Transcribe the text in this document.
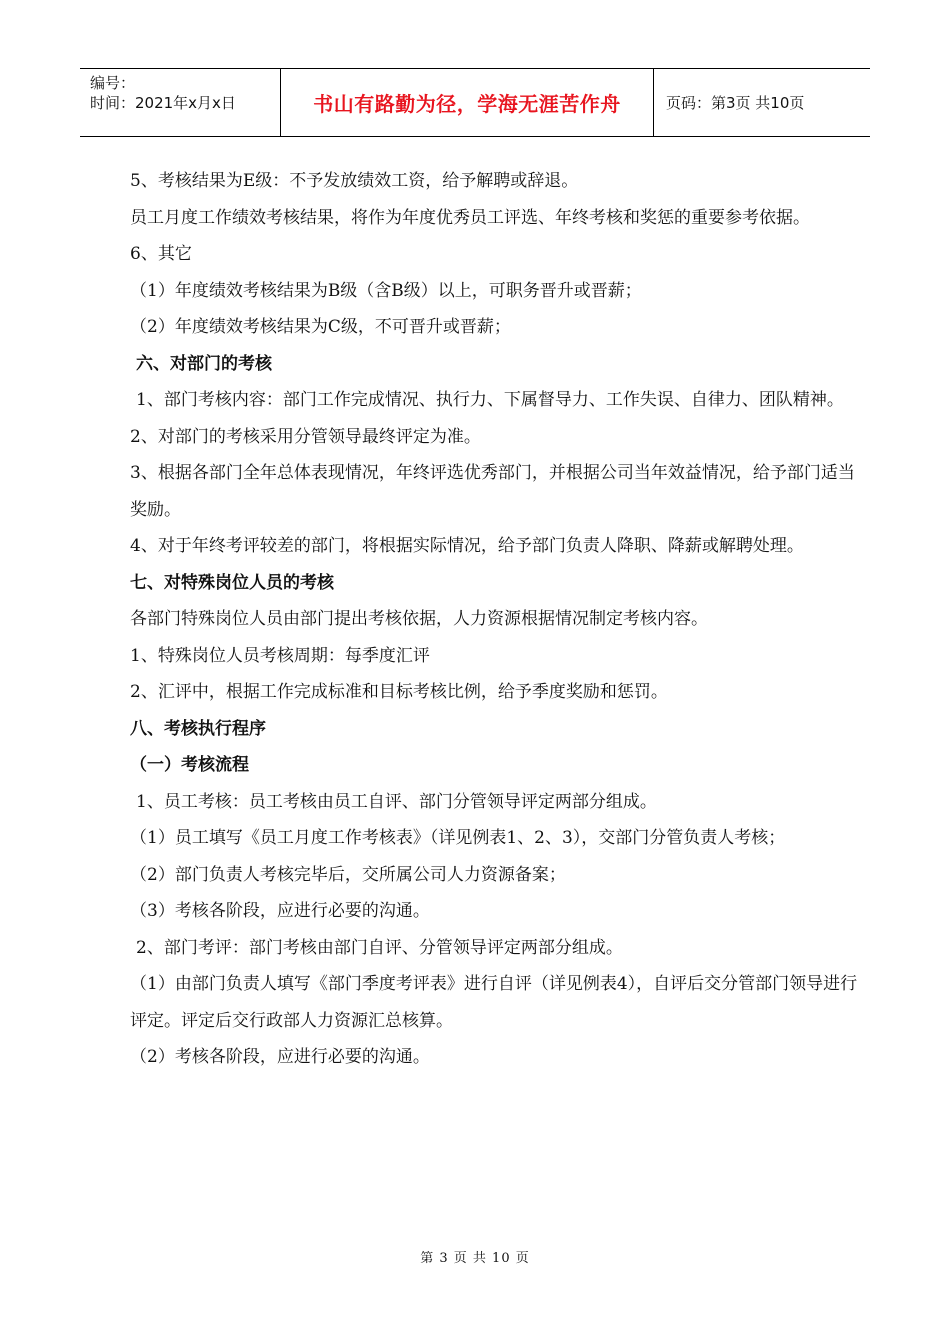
编号：
时间：2021年x月x日	书山有路勤为径，学海无涯苦作舟	页码：第3页 共10页

5、考核结果为E级：不予发放绩效工资，给予解聘或辞退。

员工月度工作绩效考核结果，将作为年度优秀员工评选、年终考核和奖惩的重要参考依据。

6、其它

（1）年度绩效考核结果为B级（含B级）以上，可职务晋升或晋薪；

（2）年度绩效考核结果为C级，不可晋升或晋薪；

六、对部门的考核

1、部门考核内容：部门工作完成情况、执行力、下属督导力、工作失误、自律力、团队精神。

2、对部门的考核采用分管领导最终评定为准。

3、根据各部门全年总体表现情况，年终评选优秀部门，并根据公司当年效益情况，给予部门适当奖励。

4、对于年终考评较差的部门，将根据实际情况，给予部门负责人降职、降薪或解聘处理。

七、对特殊岗位人员的考核

各部门特殊岗位人员由部门提出考核依据，人力资源根据情况制定考核内容。

1、特殊岗位人员考核周期：每季度汇评

2、汇评中，根据工作完成标准和目标考核比例，给予季度奖励和惩罚。

八、考核执行程序

（一）考核流程

1、员工考核：员工考核由员工自评、部门分管领导评定两部分组成。

（1）员工填写《员工月度工作考核表》（详见例表1、2、3），交部门分管负责人考核；

（2）部门负责人考核完毕后，交所属公司人力资源备案；

（3）考核各阶段，应进行必要的沟通。

2、部门考评：部门考核由部门自评、分管领导评定两部分组成。

（1）由部门负责人填写《部门季度考评表》进行自评（详见例表4），自评后交分管部门领导进行评定。评定后交行政部人力资源汇总核算。

（2）考核各阶段，应进行必要的沟通。

第 3 页 共 10 页
